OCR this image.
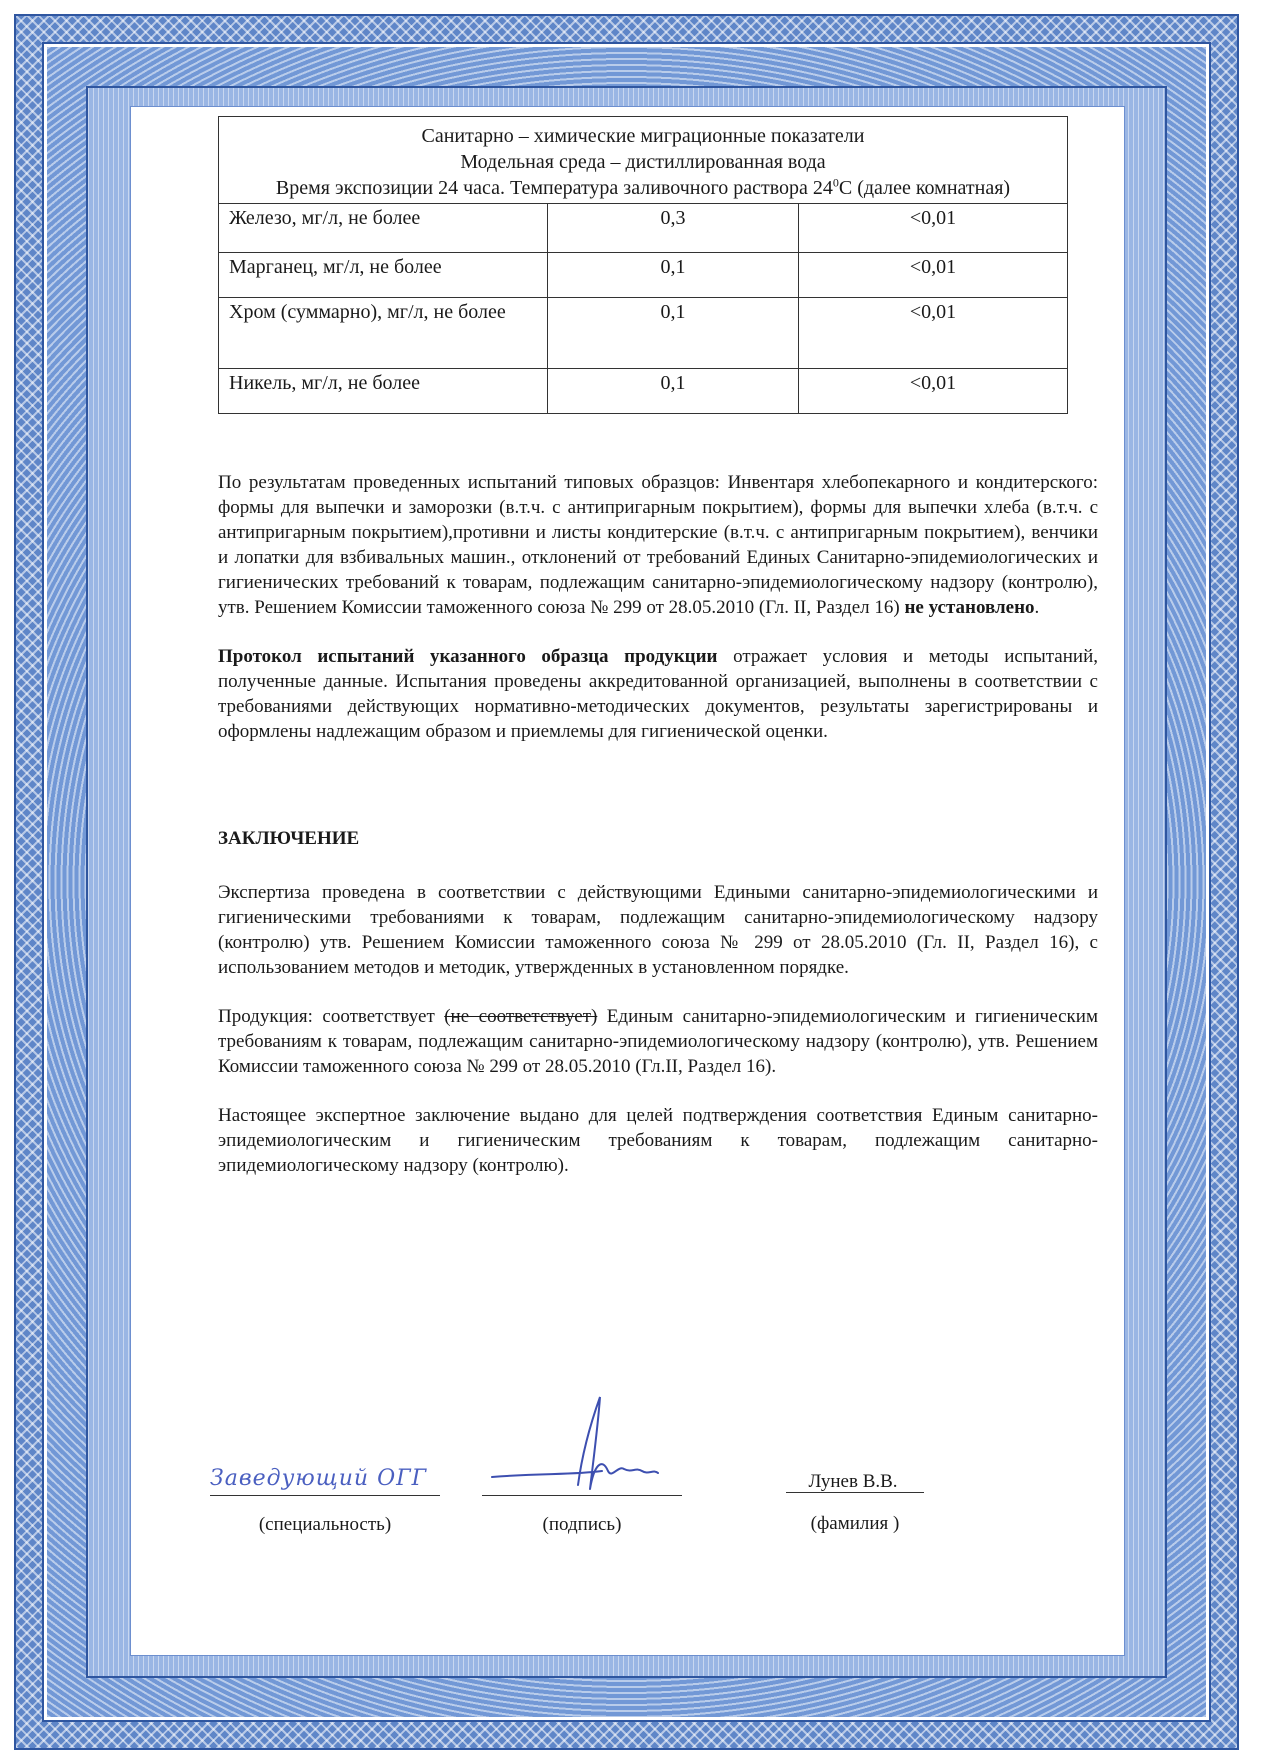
Санитарно – химические миграционные показатели
Модельная среда – дистиллированная вода
Время экспозиции 24 часа. Температура заливочного раствора $24^0С$ (далее комнатная)		

Железо, мг/л, не более	0,3	<0,01
Марганец, мг/л, не более	0,1	<0,01
Хром (суммарно), мг/л, не более	0,1	<0,01
Никель, мг/л, не более	0,1	<0,01

По результатам проведенных испытаний типовых образцов: Инвентаря хлебопекарного и кондитерского: формы для выпечки и заморозки (в.т.ч. с антипригарным покрытием), формы для выпечки хлеба (в.т.ч. с антипригарным покрытием),противни и листы кондитерские (в.т.ч. с антипригарным покрытием), венчики и лопатки для взбивальных машин., отклонений от требований Единых Санитарно-эпидемиологических и гигиенических требований к товарам, подлежащим санитарно-эпидемиологическому надзору (контролю), утв. Решением Комиссии таможенного союза № 299 от 28.05.2010 (Гл. II, Раздел 16) не установлено.

Протокол испытаний указанного образца продукции отражает условия и методы испытаний, полученные данные. Испытания проведены аккредитованной организацией, выполнены в соответствии с требованиями действующих нормативно-методических документов, результаты зарегистрированы и оформлены надлежащим образом и приемлемы для гигиенической оценки.

ЗАКЛЮЧЕНИЕ

Экспертиза проведена в соответствии с действующими Едиными санитарно-эпидемиологическими и гигиеническими требованиями к товарам, подлежащим санитарно-эпидемиологическому надзору (контролю) утв. Решением Комиссии таможенного союза № 299 от 28.05.2010 (Гл. II, Раздел 16), с использованием методов и методик, утвержденных в установленном порядке.

Продукция: соответствует (не соответствует) Единым санитарно-эпидемиологическим и гигиеническим требованиям к товарам, подлежащим санитарно-эпидемиологическому надзору (контролю), утв. Решением Комиссии таможенного союза № 299 от 28.05.2010 (Гл.II, Раздел 16).

Настоящее экспертное заключение выдано для целей подтверждения соответствия Единым санитарно-эпидемиологическим и гигиеническим требованиям к товарам, подлежащим санитарно-эпидемиологическому надзору (контролю).

Заведующий ОГГ
(специальность)	(подпись)
Лунев В.В.
(фамилия )
